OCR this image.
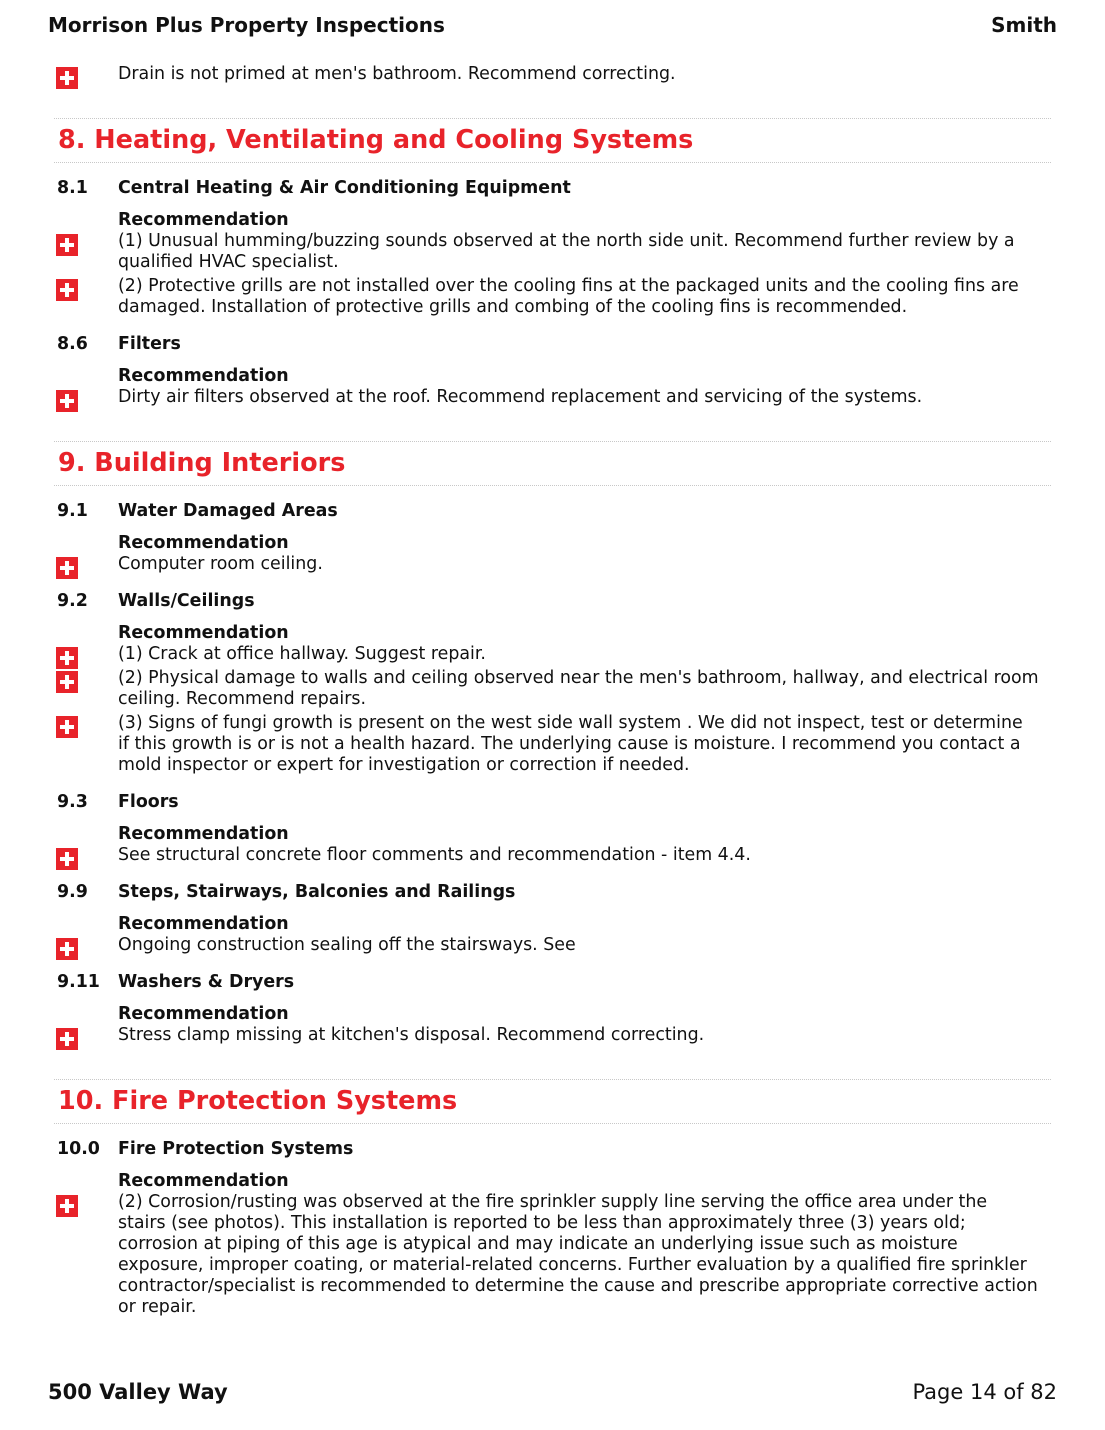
Morrison Plus Property Inspections	Smith
Drain is not primed at men's bathroom. Recommend correcting.
8. Heating, Ventilating and Cooling Systems
8.1 Central Heating & Air Conditioning Equipment
Recommendation
(1) Unusual humming/buzzing sounds observed at the north side unit. Recommend further review by a qualified HVAC specialist.
(2) Protective grills are not installed over the cooling fins at the packaged units and the cooling fins are damaged. Installation of protective grills and combing of the cooling fins is recommended.
8.6 Filters
Recommendation
Dirty air filters observed at the roof. Recommend replacement and servicing of the systems.
9. Building Interiors
9.1 Water Damaged Areas
Recommendation
Computer room ceiling.
9.2 Walls/Ceilings
Recommendation
(1) Crack at office hallway. Suggest repair.
(2) Physical damage to walls and ceiling observed near the men's bathroom, hallway, and electrical room ceiling. Recommend repairs.
(3) Signs of fungi growth is present on the west side wall system . We did not inspect, test or determine if this growth is or is not a health hazard. The underlying cause is moisture. I recommend you contact a mold inspector or expert for investigation or correction if needed.
9.3 Floors
Recommendation
See structural concrete floor comments and recommendation - item 4.4.
9.9 Steps, Stairways, Balconies and Railings
Recommendation
Ongoing construction sealing off the stairsways. See
9.11 Washers & Dryers
Recommendation
Stress clamp missing at kitchen's disposal. Recommend correcting.
10. Fire Protection Systems
10.0 Fire Protection Systems
Recommendation
(2) Corrosion/rusting was observed at the fire sprinkler supply line serving the office area under the stairs (see photos). This installation is reported to be less than approximately three (3) years old; corrosion at piping of this age is atypical and may indicate an underlying issue such as moisture exposure, improper coating, or material-related concerns. Further evaluation by a qualified fire sprinkler contractor/specialist is recommended to determine the cause and prescribe appropriate corrective action or repair.
500 Valley Way	Page 14 of 82
